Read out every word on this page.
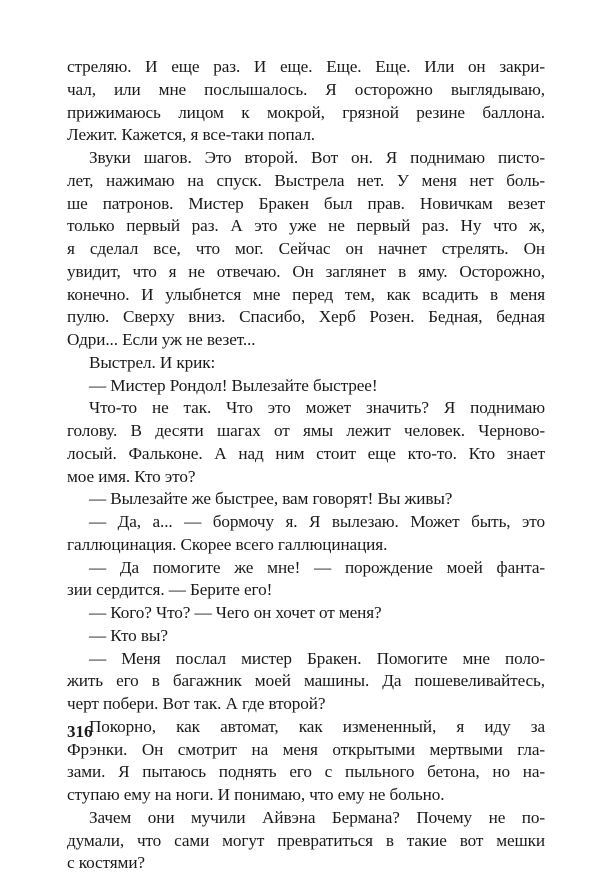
стреляю. И еще раз. И еще. Еще. Еще. Или он закри-
чал, или мне послышалось. Я осторожно выглядываю,
прижимаюсь лицом к мокрой, грязной резине баллона.
Лежит. Кажется, я все-таки попал.
Звуки шагов. Это второй. Вот он. Я поднимаю писто-
лет, нажимаю на спуск. Выстрела нет. У меня нет боль-
ше патронов. Мистер Бракен был прав. Новичкам везет
только первый раз. А это уже не первый раз. Ну что ж,
я сделал все, что мог. Сейчас он начнет стрелять. Он
увидит, что я не отвечаю. Он заглянет в яму. Осторожно,
конечно. И улыбнется мне перед тем, как всадить в меня
пулю. Сверху вниз. Спасибо, Херб Розен. Бедная, бедная
Одри... Если уж не везет...
Выстрел. И крик:
— Мистер Рондол! Вылезайте быстрее!
Что-то не так. Что это может значить? Я поднимаю
голову. В десяти шагах от ямы лежит человек. Черново-
лосый. Фальконе. А над ним стоит еще кто-то. Кто знает
мое имя. Кто это?
— Вылезайте же быстрее, вам говорят! Вы живы?
— Да, а... — бормочу я. Я вылезаю. Может быть, это
галлюцинация. Скорее всего галлюцинация.
— Да помогите же мне! — порождение моей фанта-
зии сердится. — Берите его!
— Кого? Что? — Чего он хочет от меня?
— Кто вы?
— Меня послал мистер Бракен. Помогите мне поло-
жить его в багажник моей машины. Да пошевеливайтесь,
черт побери. Вот так. А где второй?
Покорно, как автомат, как измененный, я иду за
Фрэнки. Он смотрит на меня открытыми мертвыми гла-
зами. Я пытаюсь поднять его с пыльного бетона, но на-
ступаю ему на ноги. И понимаю, что ему не больно.
Зачем они мучили Айвэна Бермана? Почему не по-
думали, что сами могут превратиться в такие вот мешки
с костями?
316
